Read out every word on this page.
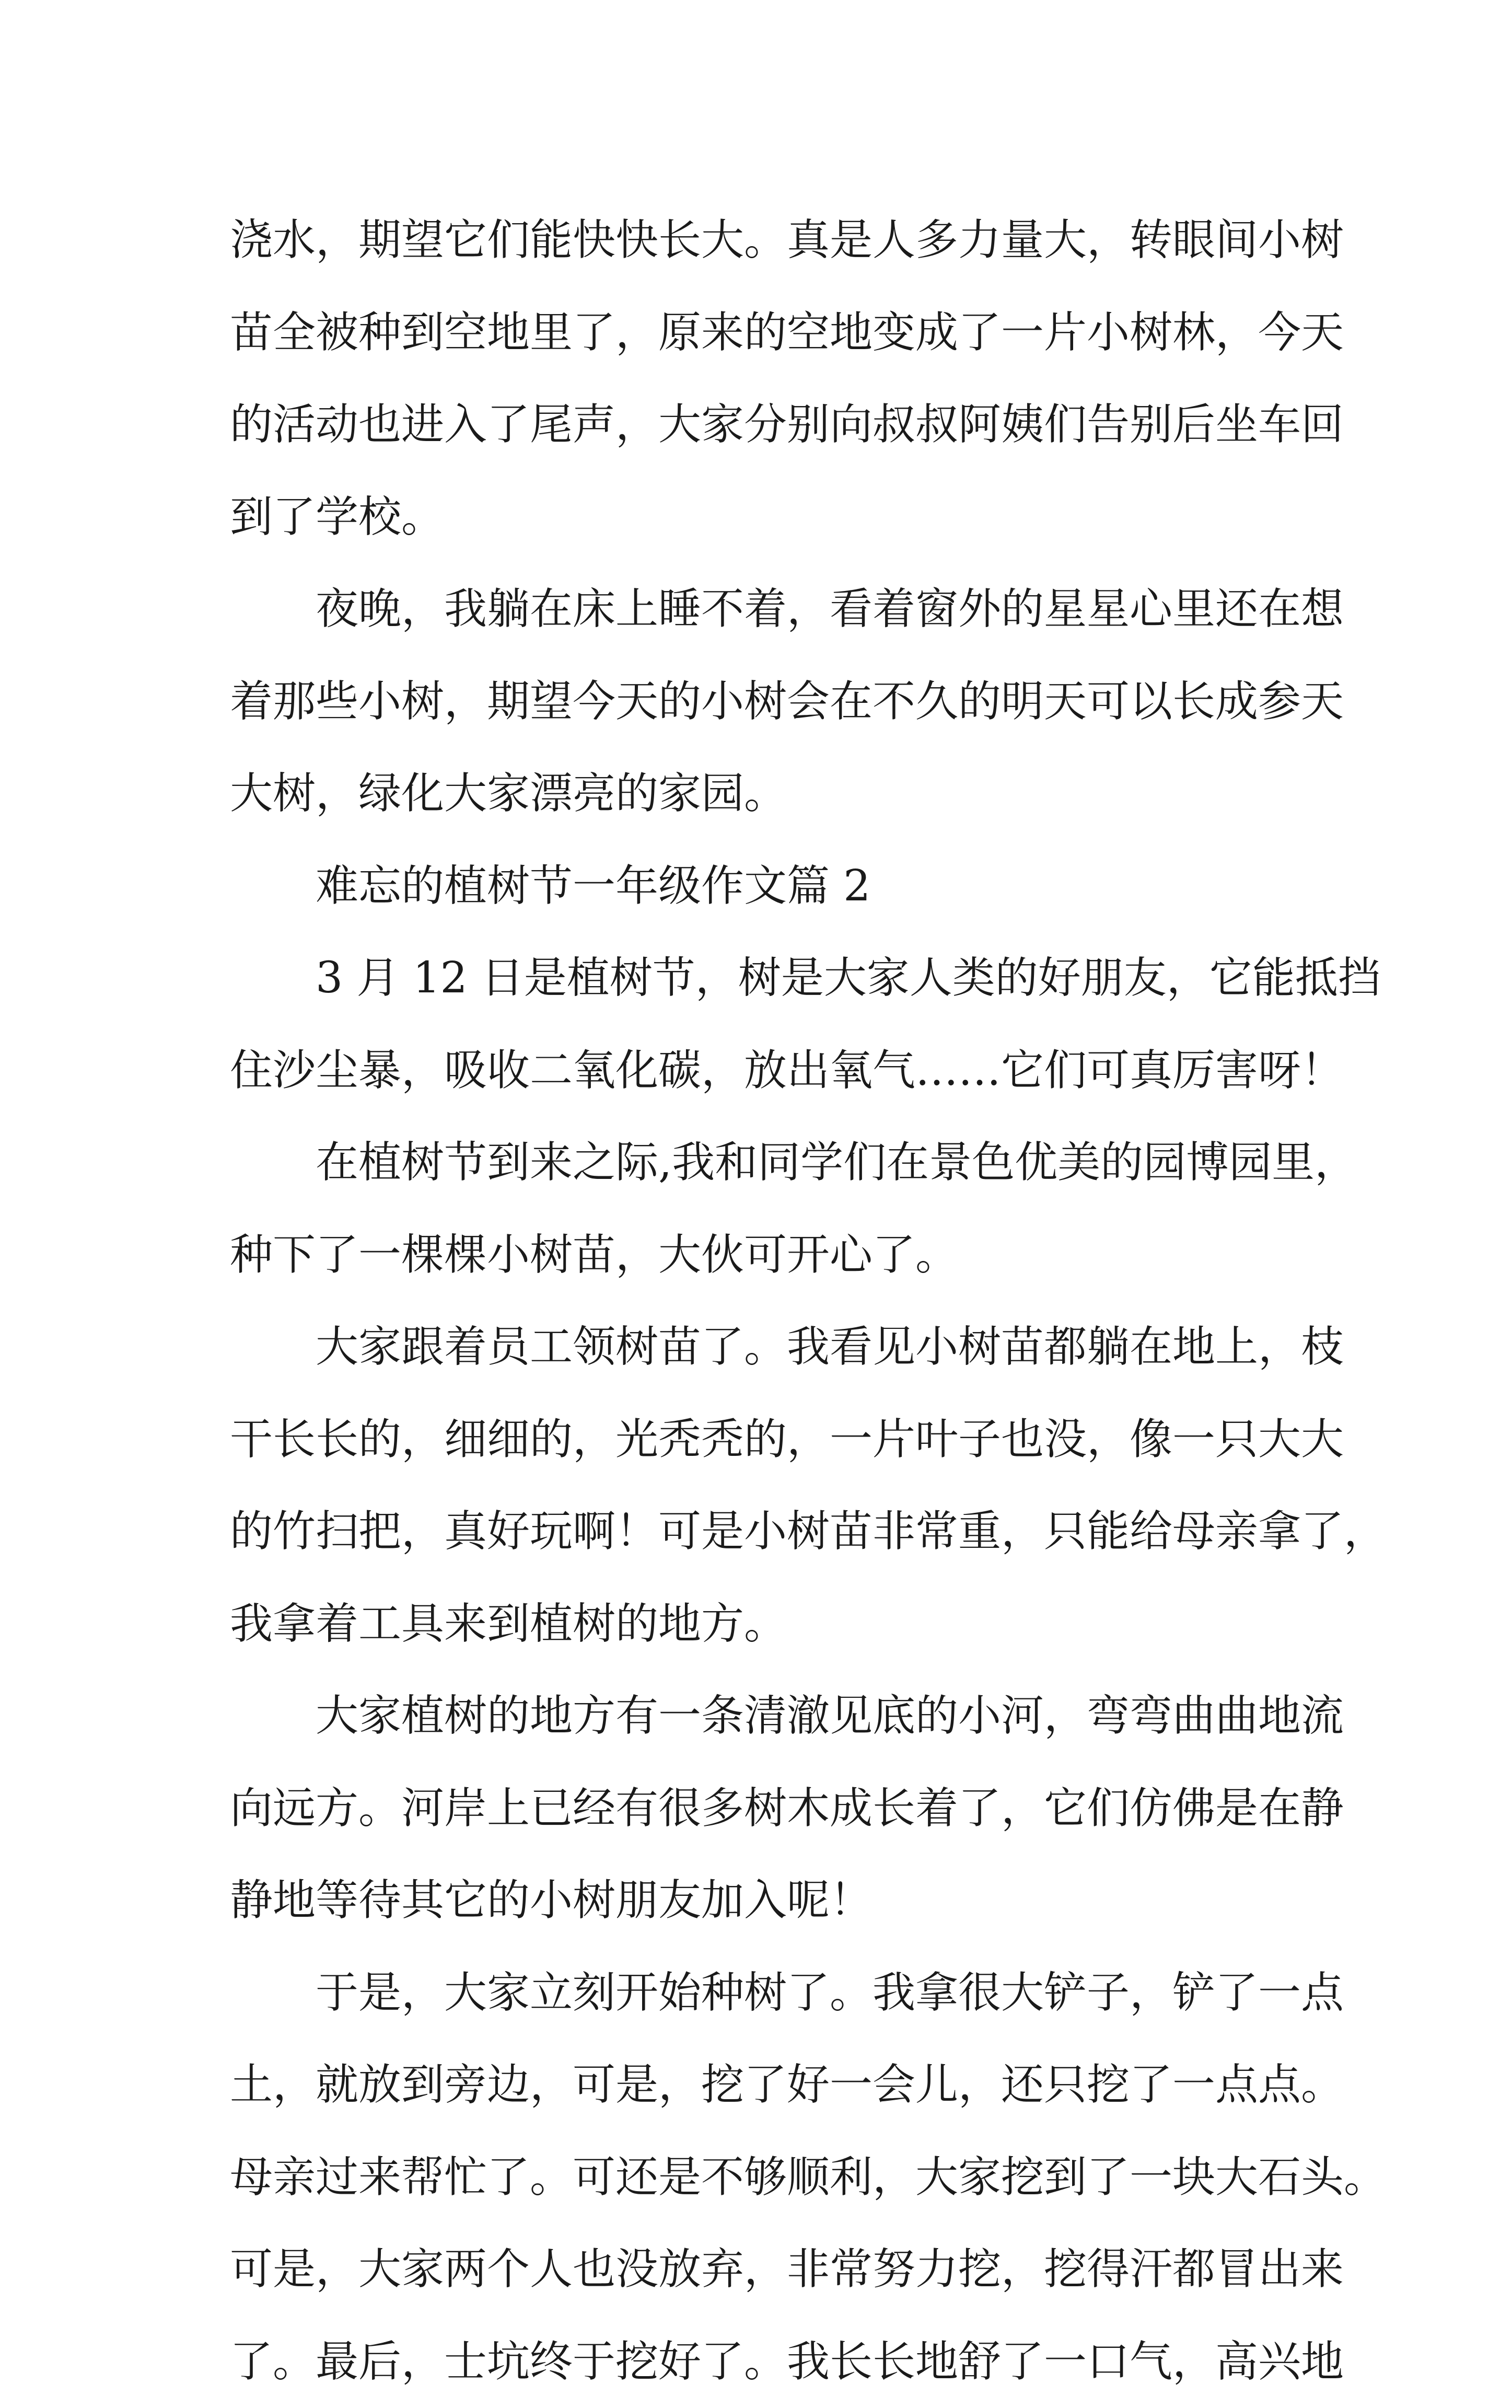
浇水，期望它们能快快长大。真是人多力量大，转眼间小树
苗全被种到空地里了，原来的空地变成了一片小树林，今天
的活动也进入了尾声，大家分别向叔叔阿姨们告别后坐车回
到了学校。
夜晚，我躺在床上睡不着，看着窗外的星星心里还在想
着那些小树，期望今天的小树会在不久的明天可以长成参天
大树，绿化大家漂亮的家园。
难忘的植树节一年级作文篇 2
3 月 12 日是植树节，树是大家人类的好朋友，它能抵挡
住沙尘暴，吸收二氧化碳，放出氧气……它们可真厉害呀！
在植树节到来之际,我和同学们在景色优美的园博园里，
种下了一棵棵小树苗，大伙可开心了。
大家跟着员工领树苗了。我看见小树苗都躺在地上，枝
干长长的，细细的，光秃秃的，一片叶子也没，像一只大大
的竹扫把，真好玩啊！可是小树苗非常重，只能给母亲拿了，
我拿着工具来到植树的地方。
大家植树的地方有一条清澈见底的小河，弯弯曲曲地流
向远方。河岸上已经有很多树木成长着了，它们仿佛是在静
静地等待其它的小树朋友加入呢！
于是，大家立刻开始种树了。我拿很大铲子，铲了一点
土，就放到旁边，可是，挖了好一会儿，还只挖了一点点。
母亲过来帮忙了。可还是不够顺利，大家挖到了一块大石头。
可是，大家两个人也没放弃，非常努力挖，挖得汗都冒出来
了。最后，士坑终于挖好了。我长长地舒了一口气，高兴地
